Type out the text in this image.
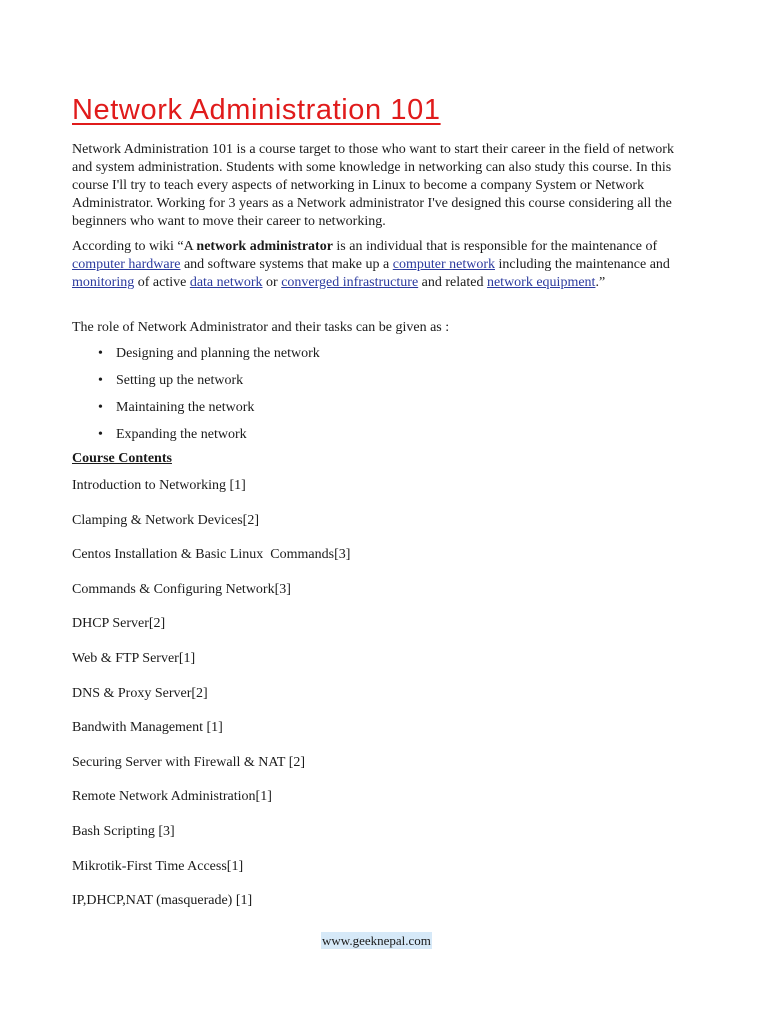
Network Administration 101

Network Administration 101 is a course target to those who want to start their career in the field of network and system administration. Students with some knowledge in networking can also study this course. In this course I'll try to teach every aspects of networking in Linux to become a company System or Network Administrator. Working for 3 years as a Network administrator I've designed this course considering all the beginners who want to move their career to networking.

According to wiki “A network administrator is an individual that is responsible for the maintenance of computer hardware and software systems that make up a computer network including the maintenance and monitoring of active data network or converged infrastructure and related network equipment.”

The role of Network Administrator and their tasks can be given as :

• Designing and planning the network
• Setting up the network
• Maintaining the network
• Expanding the network

Course Contents

Introduction to Networking [1]
Clamping & Network Devices[2]
Centos Installation & Basic Linux  Commands[3]
Commands & Configuring Network[3]
DHCP Server[2]
Web & FTP Server[1]
DNS & Proxy Server[2]
Bandwith Management [1]
Securing Server with Firewall & NAT [2]
Remote Network Administration[1]
Bash Scripting [3]
Mikrotik-First Time Access[1]
IP,DHCP,NAT (masquerade) [1]
www.geeknepal.com
